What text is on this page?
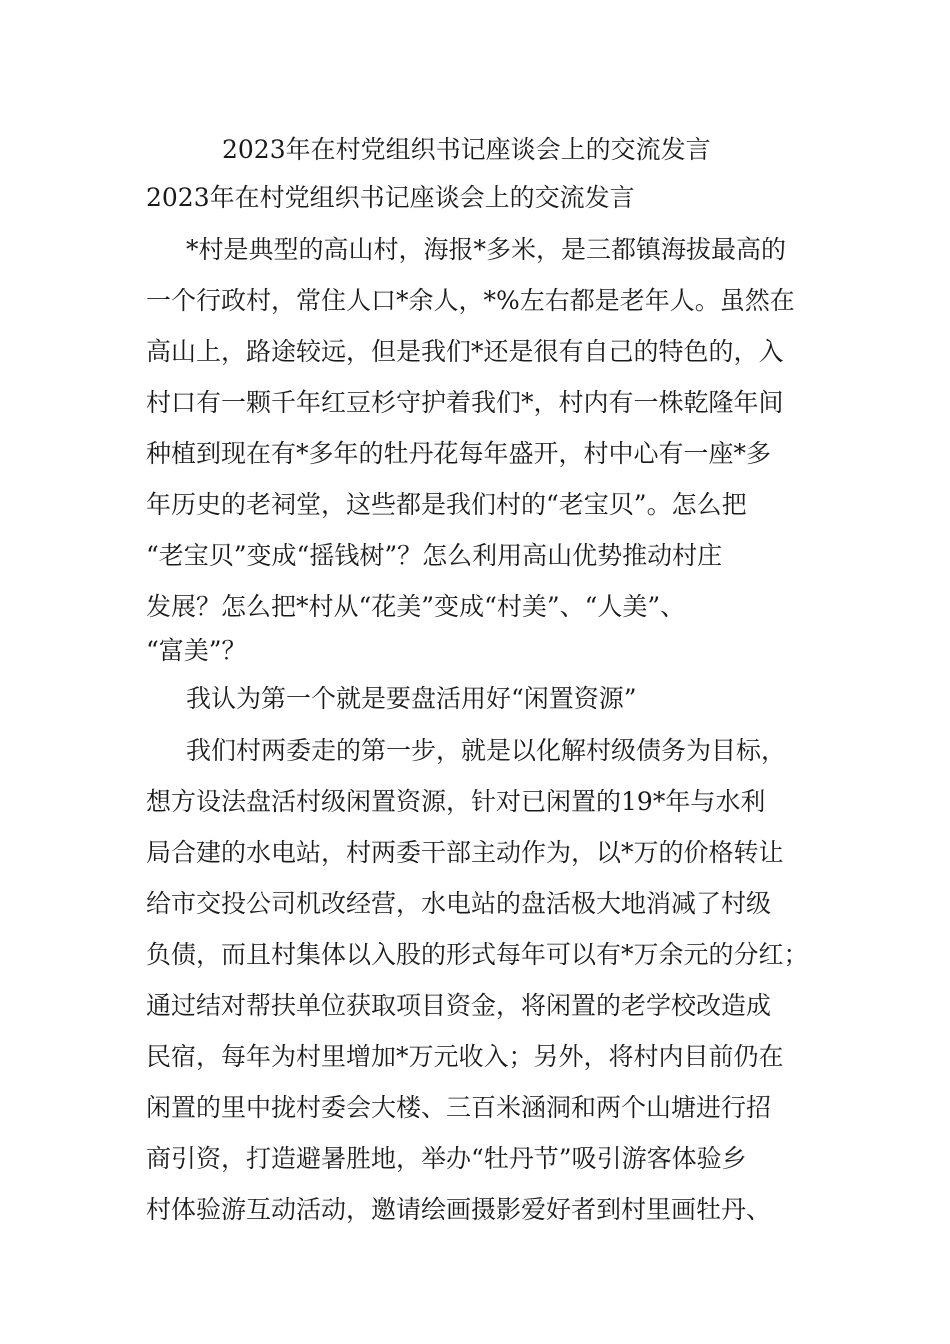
2023年在村党组织书记座谈会上的交流发言
2023年在村党组织书记座谈会上的交流发言

*村是典型的高山村，海报*多米，是三都镇海拔最高的

一个行政村，常住人口*余人，*%左右都是老年人。虽然在

高山上，路途较远，但是我们*还是很有自己的特色的，入

村口有一颗千年红豆杉守护着我们*，村内有一株乾隆年间

种植到现在有*多年的牡丹花每年盛开，村中心有一座*多

年历史的老祠堂，这些都是我们村的“老宝贝”。怎么把

“老宝贝”变成“摇钱树”？怎么利用高山优势推动村庄

发展？怎么把*村从“花美”变成“村美”、“人美”、

“富美”？

我认为第一个就是要盘活用好“闲置资源”

我们村两委走的第一步，就是以化解村级债务为目标，

想方设法盘活村级闲置资源，针对已闲置的19*年与水利

局合建的水电站，村两委干部主动作为，以*万的价格转让

给市交投公司机改经营，水电站的盘活极大地消减了村级

负债，而且村集体以入股的形式每年可以有*万余元的分红；

通过结对帮扶单位获取项目资金，将闲置的老学校改造成

民宿，每年为村里增加*万元收入；另外，将村内目前仍在

闲置的里中拢村委会大楼、三百米涵洞和两个山塘进行招

商引资，打造避暑胜地，举办“牡丹节”吸引游客体验乡

村体验游互动活动，邀请绘画摄影爱好者到村里画牡丹、
